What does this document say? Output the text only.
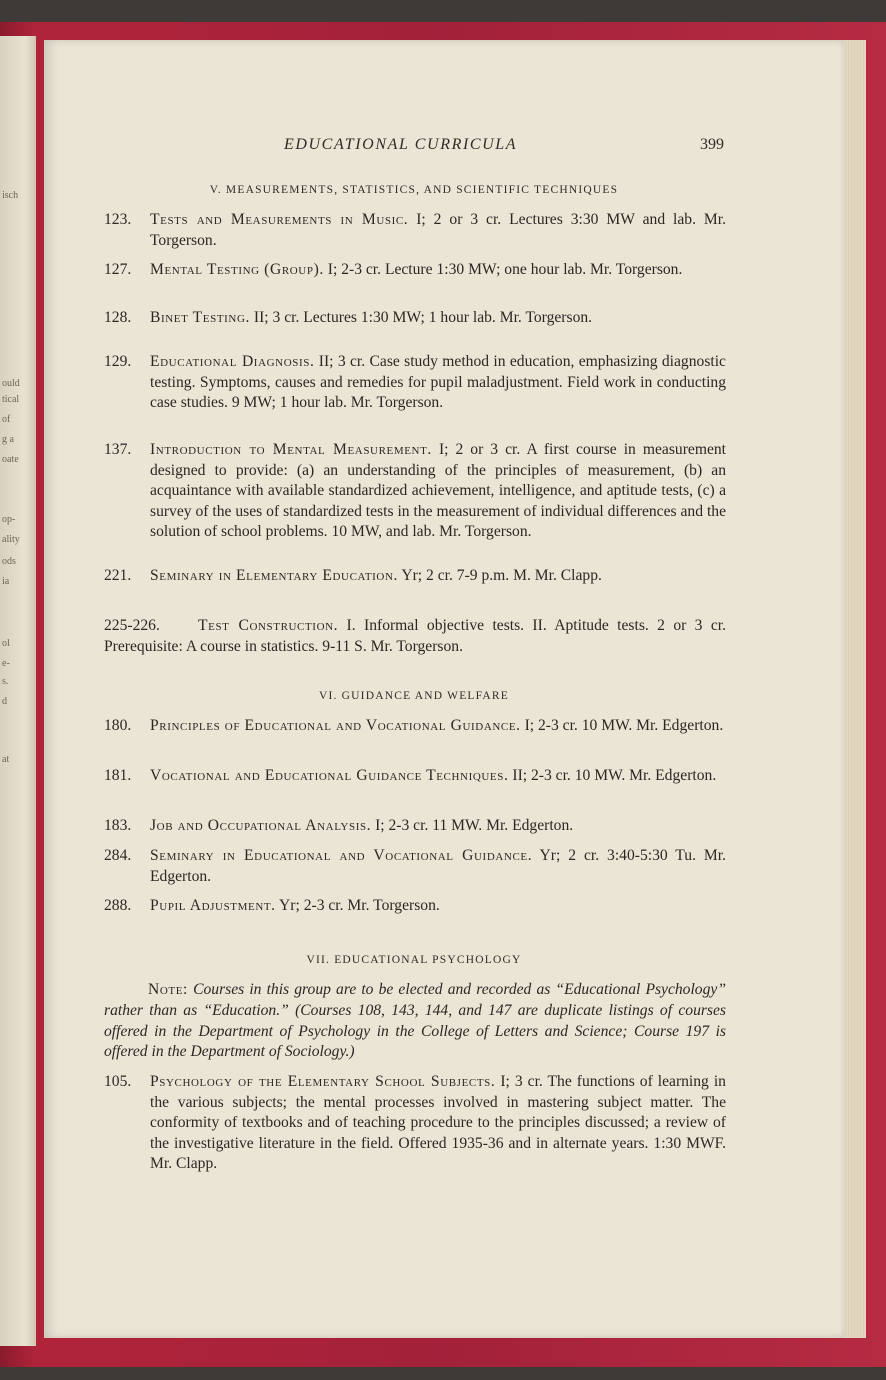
isch
ould
tical
of
g a
oate
op-
ality
ods
ia
ol
e-
s.
d
at
EDUCATIONAL CURRICULA	399
V. MEASUREMENTS, STATISTICS, AND SCIENTIFIC TECHNIQUES
123.	Tests and Measurements in Music. I; 2 or 3 cr. Lectures 3:30 MW and lab. Mr. Torgerson.
127.	Mental Testing (Group). I; 2-3 cr. Lecture 1:30 MW; one hour lab. Mr. Torgerson.
128.	Binet Testing. II; 3 cr. Lectures 1:30 MW; 1 hour lab. Mr. Torgerson.
129.	Educational Diagnosis. II; 3 cr. Case study method in education, emphasizing diagnostic testing. Symptoms, causes and remedies for pupil maladjustment. Field work in conducting case studies. 9 MW; 1 hour lab. Mr. Torgerson.
137.	Introduction to Mental Measurement. I; 2 or 3 cr. A first course in measurement designed to provide: (a) an understanding of the principles of measurement, (b) an acquaintance with available standardized achievement, intelligence, and aptitude tests, (c) a survey of the uses of standardized tests in the measurement of individual differences and the solution of school problems. 10 MW, and lab. Mr. Torgerson.
221.	Seminary in Elementary Education. Yr; 2 cr. 7-9 p.m. M. Mr. Clapp.
225-226.	Test Construction. I. Informal objective tests. II. Aptitude tests. 2 or 3 cr. Prerequisite: A course in statistics. 9-11 S. Mr. Torgerson.
VI. GUIDANCE AND WELFARE
180.	Principles of Educational and Vocational Guidance. I; 2-3 cr. 10 MW. Mr. Edgerton.
181.	Vocational and Educational Guidance Techniques. II; 2-3 cr. 10 MW. Mr. Edgerton.
183.	Job and Occupational Analysis. I; 2-3 cr. 11 MW. Mr. Edgerton.
284.	Seminary in Educational and Vocational Guidance. Yr; 2 cr. 3:40-5:30 Tu. Mr. Edgerton.
288.	Pupil Adjustment. Yr; 2-3 cr. Mr. Torgerson.
VII. EDUCATIONAL PSYCHOLOGY
Note: Courses in this group are to be elected and recorded as “Educational Psychology” rather than as “Education.” (Courses 108, 143, 144, and 147 are duplicate listings of courses offered in the Department of Psychology in the College of Letters and Science; Course 197 is offered in the Department of Sociology.)
105.	Psychology of the Elementary School Subjects. I; 3 cr. The functions of learning in the various subjects; the mental processes involved in mastering subject matter. The conformity of textbooks and of teaching procedure to the principles discussed; a review of the investigative literature in the field. Offered 1935-36 and in alternate years. 1:30 MWF. Mr. Clapp.
